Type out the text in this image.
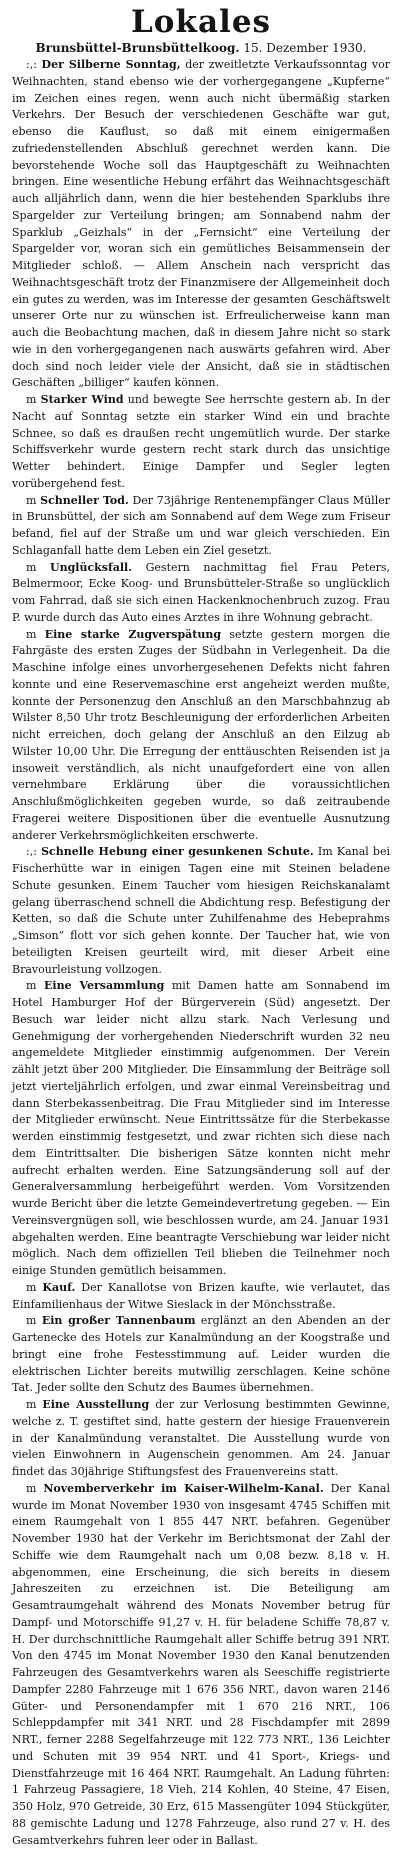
Lokales
Brunsbüttel-Brunsbüttelkoog. 15. Dezember 1930.

:,: Der Silberne Sonntag, der zweitletzte Verkaufssonntag vor Weihnachten, stand ebenso wie der vorhergegangene „Kupferne“ im Zeichen eines regen, wenn auch nicht übermäßig starken Verkehrs. Der Besuch der verschiedenen Geschäfte war gut, ebenso die Kauflust, so daß mit einem einigermaßen zufriedenstellenden Abschluß gerechnet werden kann. Die bevorstehende Woche soll das Hauptgeschäft zu Weihnachten bringen. Eine wesentliche Hebung erfährt das Weihnachtsgeschäft auch alljährlich dann, wenn die hier bestehenden Sparklubs ihre Spargelder zur Verteilung bringen; am Sonnabend nahm der Sparklub „Geizhals“ in der „Fernsicht“ eine Verteilung der Spargelder vor, woran sich ein gemütliches Beisammensein der Mitglieder schloß. — Allem Anschein nach verspricht das Weihnachtsgeschäft trotz der Finanzmisere der Allgemeinheit doch ein gutes zu werden, was im Interesse der gesamten Geschäftswelt unserer Orte nur zu wünschen ist. Erfreulicherweise kann man auch die Beobachtung machen, daß in diesem Jahre nicht so stark wie in den vorhergegangenen nach auswärts gefahren wird. Aber doch sind noch leider viele der Ansicht, daß sie in städtischen Geschäften „billiger“ kaufen können.

m Starker Wind und bewegte See herrschte gestern ab. In der Nacht auf Sonntag setzte ein starker Wind ein und brachte Schnee, so daß es draußen recht ungemütlich wurde. Der starke Schiffsverkehr wurde gestern recht stark durch das unsichtige Wetter behindert. Einige Dampfer und Segler legten vorübergehend fest.

m Schneller Tod. Der 73jährige Rentenempfänger Claus Müller in Brunsbüttel, der sich am Sonnabend auf dem Wege zum Friseur befand, fiel auf der Straße um und war gleich verschieden. Ein Schlaganfall hatte dem Leben ein Ziel gesetzt.

m Unglücksfall. Gestern nachmittag fiel Frau Peters, Belmermoor, Ecke Koog- und Brunsbütteler-Straße so unglücklich vom Fahrrad, daß sie sich einen Hackenknochenbruch zuzog. Frau P. wurde durch das Auto eines Arztes in ihre Wohnung gebracht.

m Eine starke Zugverspätung setzte gestern morgen die Fahrgäste des ersten Zuges der Südbahn in Verlegenheit. Da die Maschine infolge eines unvorhergesehenen Defekts nicht fahren konnte und eine Reservemaschine erst angeheizt werden mußte, konnte der Personenzug den Anschluß an den Marschbahnzug ab Wilster 8,50 Uhr trotz Beschleunigung der erforderlichen Arbeiten nicht erreichen, doch gelang der Anschluß an den Eilzug ab Wilster 10,00 Uhr. Die Erregung der enttäuschten Reisenden ist ja insoweit verständlich, als nicht unaufgefordert eine von allen vernehmbare Erklärung über die voraussichtlichen Anschlußmöglichkeiten gegeben wurde, so daß zeitraubende Fragerei weitere Dispositionen über die eventuelle Ausnutzung anderer Verkehrsmöglichkeiten erschwerte.

:,: Schnelle Hebung einer gesunkenen Schute. Im Kanal bei Fischerhütte war in einigen Tagen eine mit Steinen beladene Schute gesunken. Einem Taucher vom hiesigen Reichskanalamt gelang überraschend schnell die Abdichtung resp. Befestigung der Ketten, so daß die Schute unter Zuhilfenahme des Hebeprahms „Simson“ flott vor sich gehen konnte. Der Taucher hat, wie von beteiligten Kreisen geurteilt wird, mit dieser Arbeit eine Bravourleistung vollzogen.

m Eine Versammlung mit Damen hatte am Sonnabend im Hotel Hamburger Hof der Bürgerverein (Süd) angesetzt. Der Besuch war leider nicht allzu stark. Nach Verlesung und Genehmigung der vorhergehenden Niederschrift wurden 32 neu angemeldete Mitglieder einstimmig aufgenommen. Der Verein zählt jetzt über 200 Mitglieder. Die Einsammlung der Beiträge soll jetzt vierteljährlich erfolgen, und zwar einmal Vereinsbeitrag und dann Sterbekassenbeitrag. Die Frau Mitglieder sind im Interesse der Mitglieder erwünscht. Neue Eintrittssätze für die Sterbekasse werden einstimmig festgesetzt, und zwar richten sich diese nach dem Eintrittsalter. Die bisherigen Sätze konnten nicht mehr aufrecht erhalten werden. Eine Satzungsänderung soll auf der Generalversammlung herbeigeführt werden. Vom Vorsitzenden wurde Bericht über die letzte Gemeindevertretung gegeben. — Ein Vereinsvergnügen soll, wie beschlossen wurde, am 24. Januar 1931 abgehalten werden. Eine beantragte Verschiebung war leider nicht möglich. Nach dem offiziellen Teil blieben die Teilnehmer noch einige Stunden gemütlich beisammen.

m Kauf. Der Kanallotse von Brizen kaufte, wie verlautet, das Einfamilienhaus der Witwe Sieslack in der Mönchsstraße.

m Ein großer Tannenbaum erglänzt an den Abenden an der Gartenecke des Hotels zur Kanalmündung an der Koogstraße und bringt eine frohe Festesstimmung auf. Leider wurden die elektrischen Lichter bereits mutwillig zerschlagen. Keine schöne Tat. Jeder sollte den Schutz des Baumes übernehmen.

m Eine Ausstellung der zur Verlosung bestimmten Gewinne, welche z. T. gestiftet sind, hatte gestern der hiesige Frauenverein in der Kanalmündung veranstaltet. Die Ausstellung wurde von vielen Einwohnern in Augenschein genommen. Am 24. Januar findet das 30jährige Stiftungsfest des Frauenvereins statt.

m Novemberverkehr im Kaiser-Wilhelm-Kanal. Der Kanal wurde im Monat November 1930 von insgesamt 4745 Schiffen mit einem Raumgehalt von 1 855 447 NRT. befahren. Gegenüber November 1930 hat der Verkehr im Berichtsmonat der Zahl der Schiffe wie dem Raumgehalt nach um 0,08 bezw. 8,18 v. H. abgenommen, eine Erscheinung, die sich bereits in diesem Jahreszeiten zu erzeichnen ist. Die Beteiligung am Gesamtraumgehalt während des Monats November betrug für Dampf- und Motorschiffe 91,27 v. H. für beladene Schiffe 78,87 v. H. Der durchschnittliche Raumgehalt aller Schiffe betrug 391 NRT. Von den 4745 im Monat November 1930 den Kanal benutzenden Fahrzeugen des Gesamtverkehrs waren als Seeschiffe registrierte Dampfer 2280 Fahrzeuge mit 1 676 356 NRT., davon waren 2146 Güter- und Personendampfer mit 1 670 216 NRT., 106 Schleppdampfer mit 341 NRT. und 28 Fischdampfer mit 2899 NRT., ferner 2288 Segelfahrzeuge mit 122 773 NRT., 136 Leichter und Schuten mit 39 954 NRT. und 41 Sport-, Kriegs- und Dienstfahrzeuge mit 16 464 NRT. Raumgehalt. An Ladung führten: 1 Fahrzeug Passagiere, 18 Vieh, 214 Kohlen, 40 Steine, 47 Eisen, 350 Holz, 970 Getreide, 30 Erz, 615 Massengüter 1094 Stückgüter, 88 gemischte Ladung und 1278 Fahrzeuge, also rund 27 v. H. des Gesamtverkehrs fuhren leer oder in Ballast.
